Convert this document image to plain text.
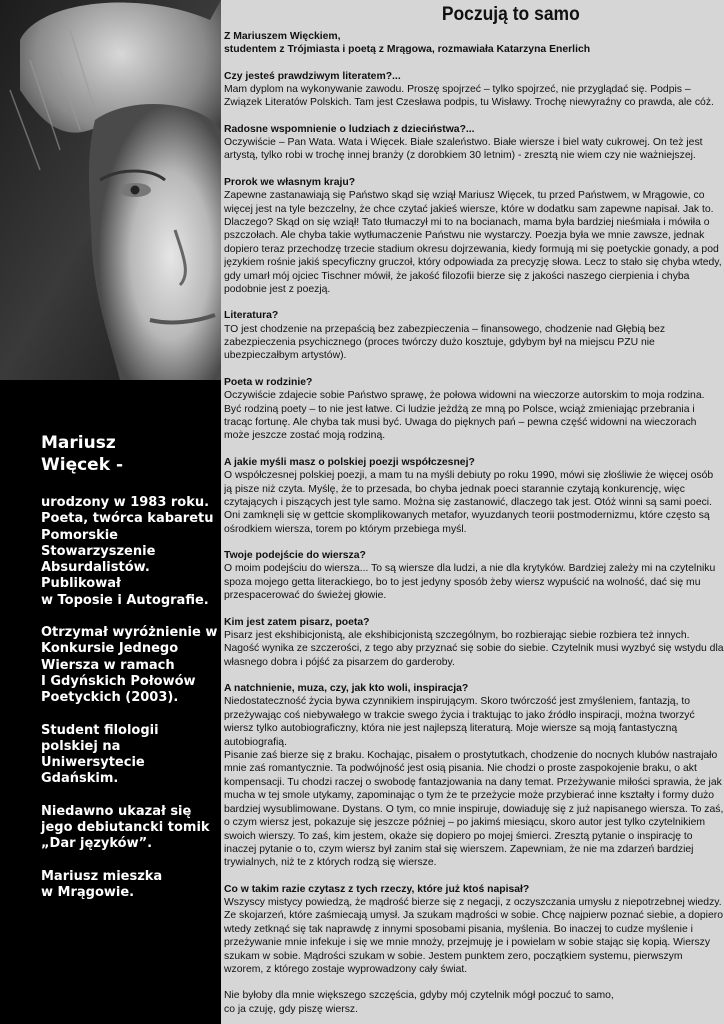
Mariusz
Więcek -

urodzony w 1983 roku. Poeta, twórca kabaretu Pomorskie Stowarzyszenie Absurdalistów. Publikował
w Toposie i Autografie.

Otrzymał wyróżnienie w Konkursie Jednego Wiersza w ramach
I Gdyńskich Połowów Poetyckich (2003).

Student filologii polskiej na Uniwersytecie Gdańskim.

Niedawno ukazał się jego debiutancki tomik „Dar języków”.

Mariusz mieszka
w Mrągowie.

Poczują to samo

Z Mariuszem Więckiem,
studentem z Trójmiasta i poetą z Mrągowa, rozmawiała Katarzyna Enerlich

Czy jesteś prawdziwym literatem?...

Mam dyplom na wykonywanie zawodu. Proszę spojrzeć – tylko spojrzeć, nie przyglądać się. Podpis – Związek Literatów Polskich. Tam jest Czesława podpis, tu Wisławy. Trochę niewyraźny co prawda, ale cóż.

Radosne wspomnienie o ludziach z dzieciństwa?...

Oczywiście – Pan Wata. Wata i Więcek. Białe szaleństwo. Białe wiersze i biel waty cukrowej. On też jest artystą, tylko robi w trochę innej branży (z dorobkiem 30 letnim) - zresztą nie wiem czy nie ważniejszej.

Prorok we własnym kraju?

Zapewne zastanawiają się Państwo skąd się wziął Mariusz Więcek, tu przed Państwem, w Mrągowie, co więcej jest na tyle bezczelny, że chce czytać jakieś wiersze, które w dodatku sam zapewne napisał. Jak to. Dlaczego? Skąd on się wziął! Tato tłumaczył mi to na bocianach, mama była bardziej nieśmiała i mówiła o pszczołach. Ale chyba takie wytłumaczenie Państwu nie wystarczy. Poezja była we mnie zawsze, jednak dopiero teraz przechodzę trzecie stadium okresu dojrzewania, kiedy formują mi się poetyckie gonady, a pod językiem rośnie jakiś specyficzny gruczoł, który odpowiada za precyzję słowa. Lecz to stało się chyba wtedy, gdy umarł mój ojciec Tischner mówił, że jakość filozofii bierze się z jakości naszego cierpienia i chyba podobnie jest z poezją.

Literatura?

TO jest chodzenie na przepaścią bez zabezpieczenia – finansowego, chodzenie nad Głębią bez zabezpieczenia psychicznego (proces twórczy dużo kosztuje, gdybym był na miejscu PZU nie ubezpieczałbym artystów).

Poeta w rodzinie?

Oczywiście zdajecie sobie Państwo sprawę, że połowa widowni na wieczorze autorskim to moja rodzina. Być rodziną poety – to nie jest łatwe. Ci ludzie jeżdżą ze mną po Polsce, wciąż zmieniając przebrania i tracąc fortunę. Ale chyba tak musi być. Uwaga do pięknych pań – pewna część widowni na wieczorach może jeszcze zostać moją rodziną.

A jakie myśli masz o polskiej poezji współczesnej?

O współczesnej polskiej poezji, a mam tu na myśli debiuty po roku 1990, mówi się złośliwie że więcej osób ją pisze niż czyta. Myślę, że to przesada, bo chyba jednak poeci starannie czytają konkurencję, więc czytających i piszących jest tyle samo. Można się zastanowić, dlaczego tak jest. Otóż winni są sami poeci. Oni zamknęli się w gettcie skomplikowanych metafor, wyuzdanych teorii postmodernizmu, które często są ośrodkiem wiersza, torem po którym przebiega myśl.

Twoje podejście do wiersza?

O moim podejściu do wiersza... To są wiersze dla ludzi, a nie dla krytyków. Bardziej zależy mi na czytelniku spoza mojego getta literackiego, bo to jest jedyny sposób żeby wiersz wypuścić na wolność, dać się mu przespacerować do świeżej głowie.

Kim jest zatem pisarz, poeta?

Pisarz jest ekshibicjonistą, ale ekshibicjonistą szczególnym, bo rozbierając siebie rozbiera też innych. Nagość wynika ze szczerości, z tego aby przyznać się sobie do siebie. Czytelnik musi wyzbyć się wstydu dla własnego dobra i pójść za pisarzem do garderoby.

A natchnienie, muza, czy, jak kto woli, inspiracja?

Niedostateczność życia bywa czynnikiem inspirującym. Skoro twórczość jest zmyśleniem, fantazją, to przeżywając coś niebywałego w trakcie swego życia i traktując to jako źródło inspiracji, można tworzyć wiersz tylko autobiograficzny, która nie jest najlepszą literaturą. Moje wiersze są moją fantastyczną autobiografią.
Pisanie zaś bierze się z braku. Kochając, pisałem o prostytutkach, chodzenie do nocnych klubów nastrajało mnie zaś romantycznie. Ta podwójność jest osią pisania. Nie chodzi o proste zaspokojenie braku, o akt kompensacji. Tu chodzi raczej o swobodę fantazjowania na dany temat. Przeżywanie miłości sprawia, że jak mucha w tej smole utykamy, zapominając o tym że te przeżycie może przybierać inne kształty i formy dużo bardziej wysublimowane. Dystans. O tym, co mnie inspiruje, dowiaduję się z już napisanego wiersza. To zaś, o czym wiersz jest, pokazuje się jeszcze później – po jakimś miesiącu, skoro autor jest tylko czytelnikiem swoich wierszy. To zaś, kim jestem, okaże się dopiero po mojej śmierci. Zresztą pytanie o inspirację to inaczej pytanie o to, czym wiersz był zanim stał się wierszem. Zapewniam, że nie ma zdarzeń bardziej trywialnych, niż te z których rodzą się wiersze.

Co w takim razie czytasz z tych rzeczy, które już ktoś napisał?

Wszyscy mistycy powiedzą, że mądrość bierze się z negacji, z oczyszczania umysłu z niepotrzebnej wiedzy. Ze skojarzeń, które zaśmiecają umysł. Ja szukam mądrości w sobie. Chcę najpierw poznać siebie, a dopiero wtedy zetknąć się tak naprawdę z innymi sposobami pisania, myślenia. Bo inaczej to cudze myślenie i przeżywanie mnie infekuje i się we mnie mnoży, przejmuję je i powielam w sobie stając się kopią. Wierszy szukam w sobie. Mądrości szukam w sobie. Jestem punktem zero, początkiem systemu, pierwszym wzorem, z którego zostaje wyprowadzony cały świat.

Nie byłoby dla mnie większego szczęścia, gdyby mój czytelnik mógł poczuć to samo,
co ja czuję, gdy piszę wiersz.
